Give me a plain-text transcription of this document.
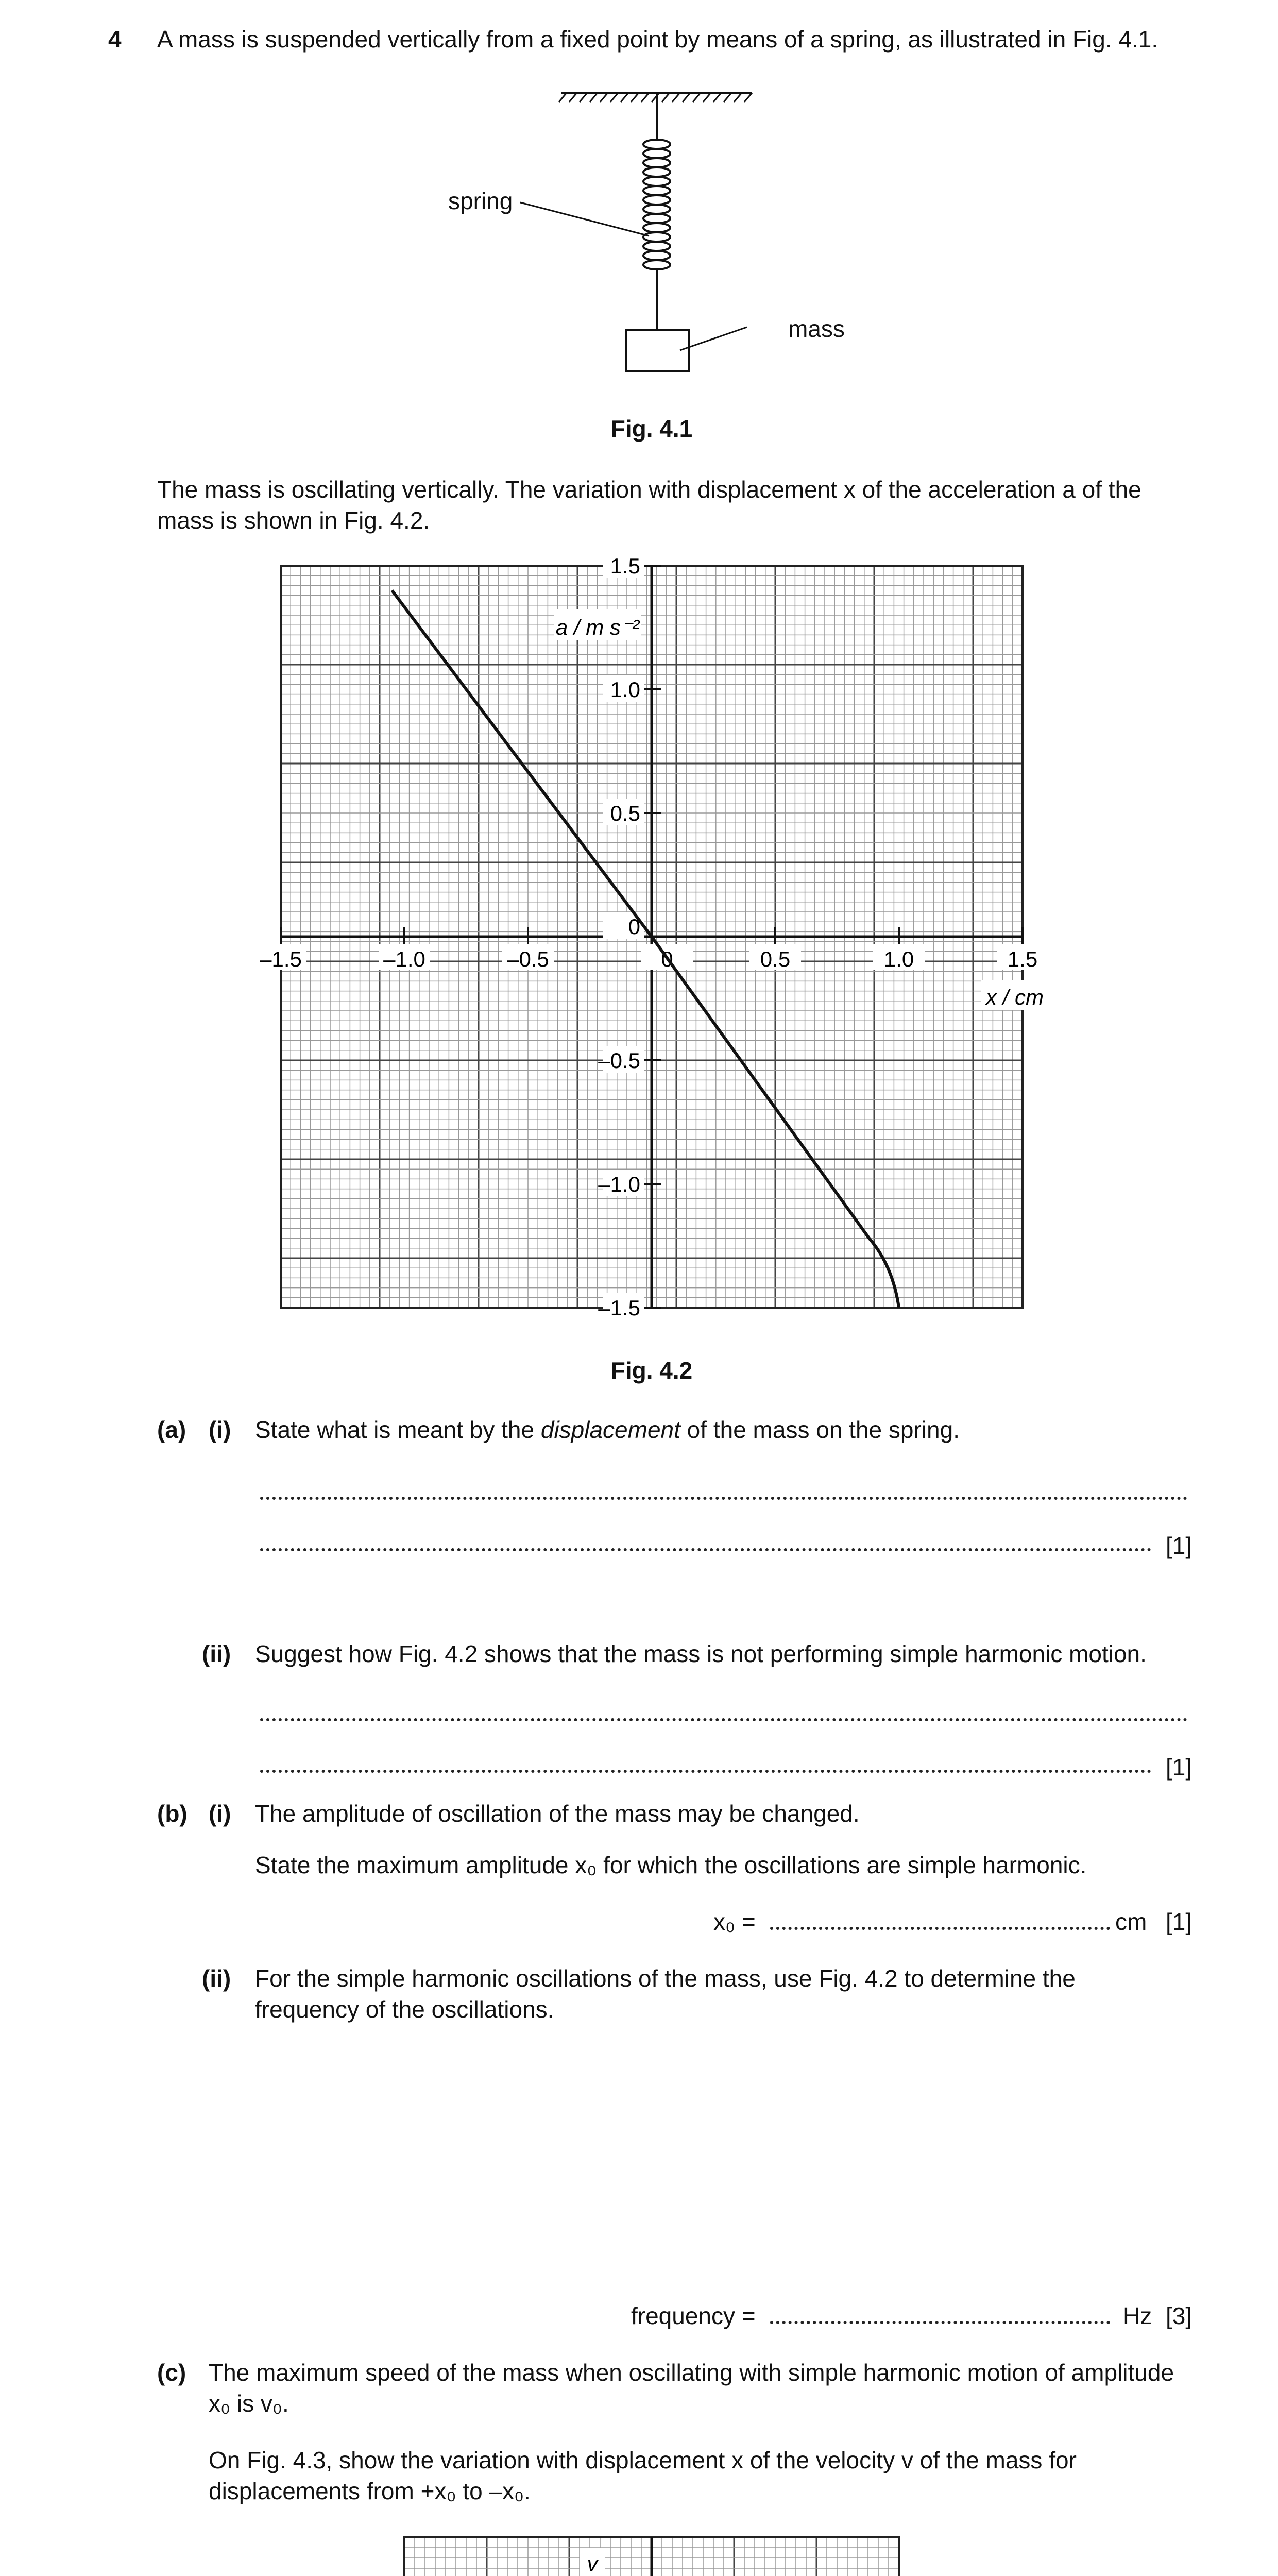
4 A mass is suspended vertically from a fixed point by means of a spring, as illustrated in Fig. 4.1.
spring
mass
Fig. 4.1
The mass is oscillating vertically. The variation with displacement x of the acceleration a of the mass is shown in Fig. 4.2.
–1.5	–1.0	–0.5	0	0.5	1.0	1.5
1.5
1.0
0.5
0
–0.5
–1.0
–1.5
a / m s⁻²
x / cm
Fig. 4.2
(a) (i) State what is meant by the displacement of the mass on the spring.
[1]
(ii) Suggest how Fig. 4.2 shows that the mass is not performing simple harmonic motion.
[1]
(b) (i) The amplitude of oscillation of the mass may be changed.
State the maximum amplitude x₀ for which the oscillations are simple harmonic.
x₀ =	cm [1]
(ii) For the simple harmonic oscillations of the mass, use Fig. 4.2 to determine the frequency of the oscillations.
frequency =	Hz [3]
(c) The maximum speed of the mass when oscillating with simple harmonic motion of amplitude x₀ is v₀.
On Fig. 4.3, show the variation with displacement x of the velocity v of the mass for displacements from +x₀ to –x₀.
v
